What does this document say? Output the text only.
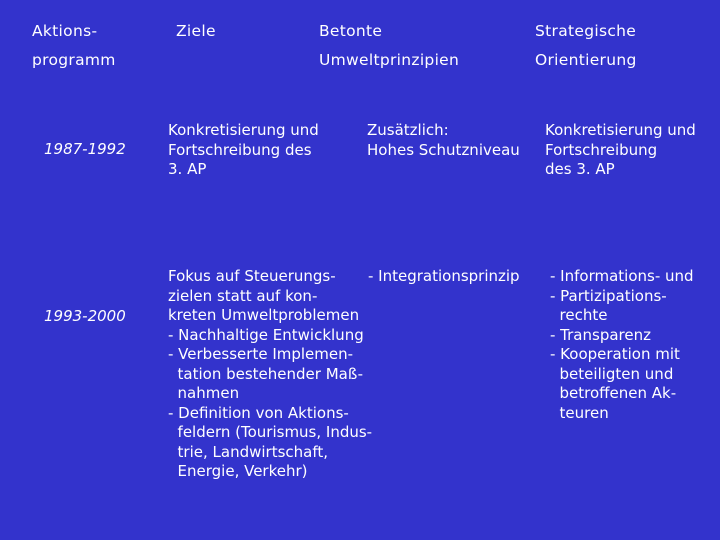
Aktions-
programm
Ziele	Betonte
Umweltprinzipien
Strategische
Orientierung
1987-1992
Konkretisierung und
Fortschreibung des
3. AP
Zusätzlich:
Hohes Schutzniveau
Konkretisierung und
Fortschreibung
des 3. AP
1993-2000
Fokus auf Steuerungs-
zielen statt auf kon-
kreten Umweltproblemen
- Nachhaltige Entwicklung
- Verbesserte Implemen-
tation bestehender Maß-
nahmen
- Definition von Aktions-
feldern (Tourismus, Indus-
trie, Landwirtschaft,
Energie, Verkehr)
- Integrationsprinzip - Informations- und
- Partizipations-
rechte
- Transparenz
- Kooperation mit
beteiligten und
betroffenen Ak-
teuren
